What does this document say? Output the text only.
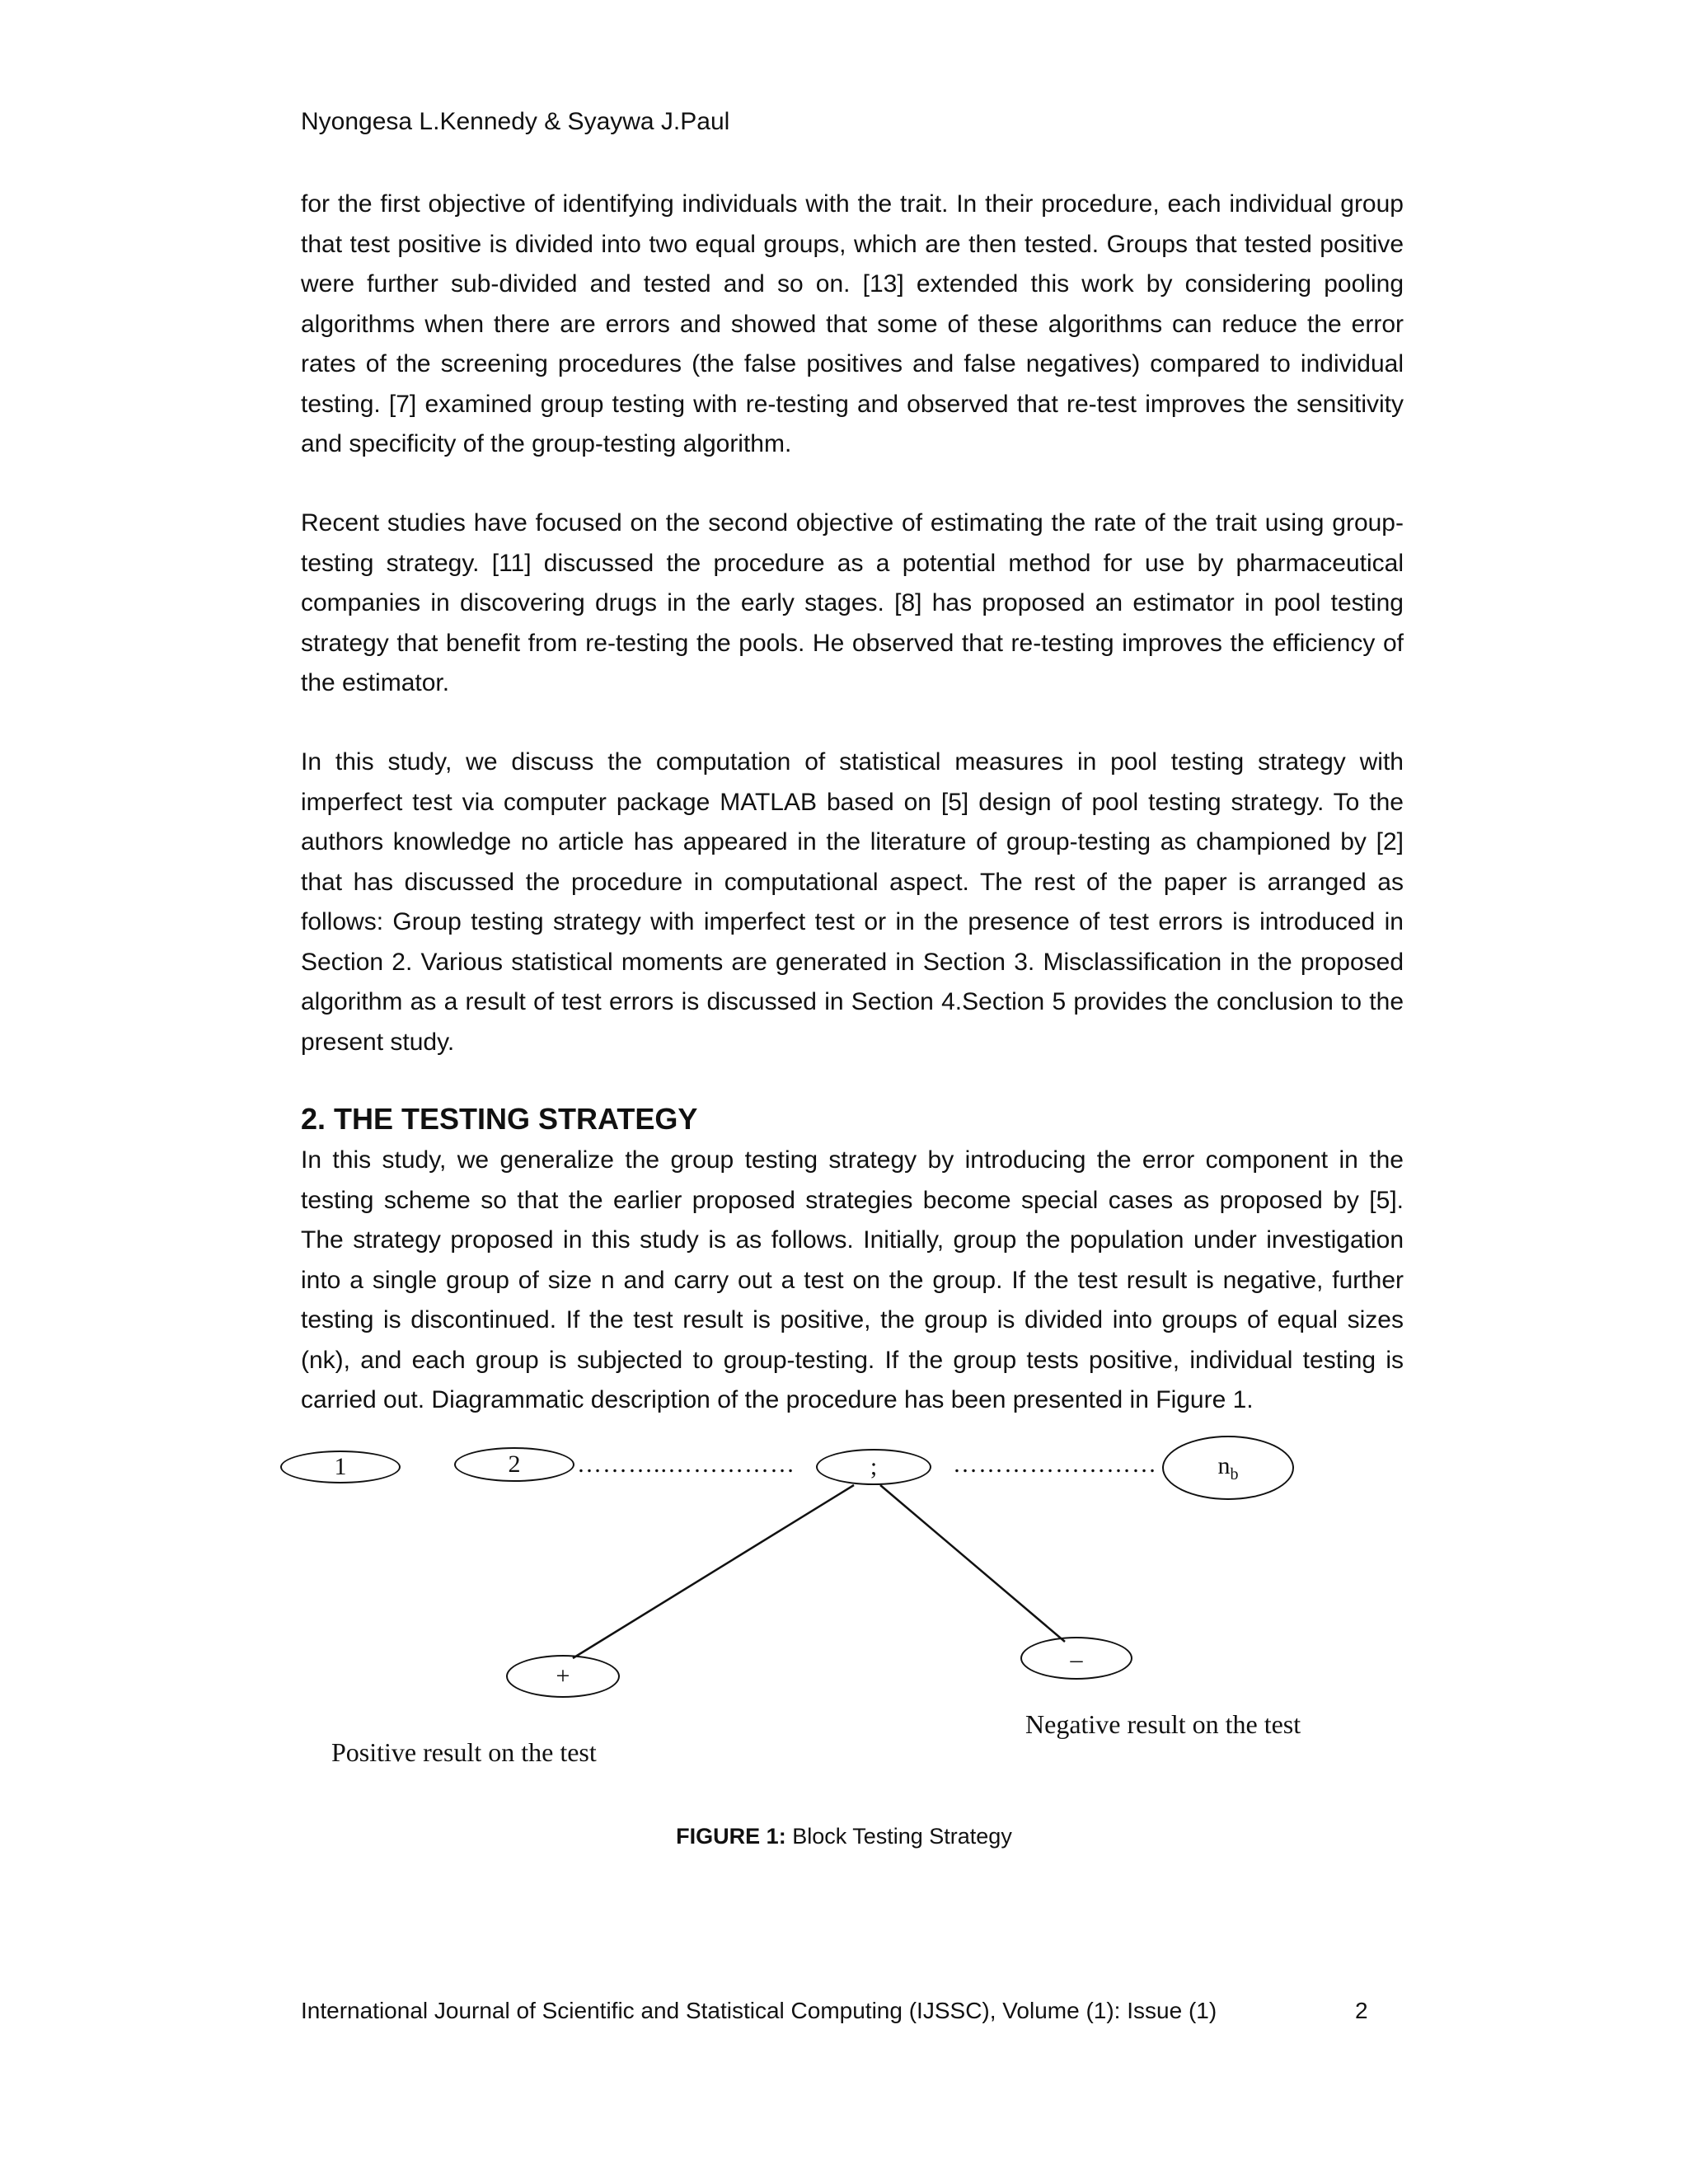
Nyongesa L.Kennedy & Syaywa J.Paul

for the first objective of identifying individuals with the trait. In their procedure, each individual group that test positive is divided into two equal groups, which are then tested. Groups that tested positive were further sub-divided and tested and so on. [13] extended this work by considering pooling algorithms when there are errors and showed that some of these algorithms can reduce the error rates of the screening procedures (the false positives and false negatives) compared to individual testing. [7] examined group testing with re-testing and observed that re-test improves the sensitivity and specificity of the group-testing algorithm.

Recent studies have focused on the second objective of estimating the rate of the trait using group-testing strategy. [11] discussed the procedure as a potential method for use by pharmaceutical companies in discovering drugs in the early stages. [8] has proposed an estimator in pool testing strategy that benefit from re-testing the pools. He observed that re-testing improves the efficiency of the estimator.

In this study, we discuss the computation of statistical measures in pool testing strategy with imperfect test via computer package MATLAB based on [5] design of pool testing strategy. To the authors knowledge no article has appeared in the literature of group-testing as championed by [2] that has discussed the procedure in computational aspect. The rest of the paper is arranged as follows: Group testing strategy with imperfect test or in the presence of test errors is introduced in Section 2. Various statistical moments are generated in Section 3. Misclassification in the proposed algorithm as a result of test errors is discussed in Section 4.Section 5 provides the conclusion to the present study.

2. THE TESTING STRATEGY

In this study, we generalize the group testing strategy by introducing the error component in the testing scheme so that the earlier proposed strategies become special cases as proposed by [5]. The strategy proposed in this study is as follows. Initially, group the population under investigation into a single group of size n and carry out a test on the group. If the test result is negative, further testing is discontinued. If the test result is positive, the group is divided into groups of equal sizes (nk), and each group is subjected to group-testing. If the group tests positive, individual testing is carried out. Diagrammatic description of the procedure has been presented in Figure 1.

1	2 ………..……………	;	…………………… $n_b$
+
_
Negative result on the test
Positive result on the test
FIGURE 1: Block Testing Strategy
International Journal of Scientific and Statistical Computing (IJSSC), Volume (1): Issue (1)	2
